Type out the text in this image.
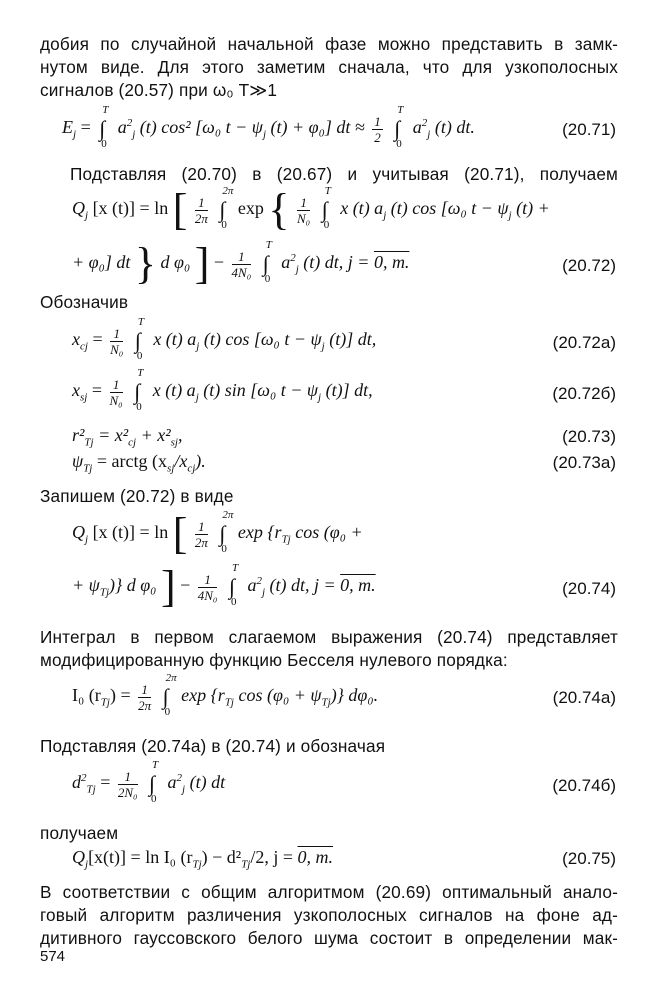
добия по случайной начальной фазе можно представить в замк-
нутом виде. Для этого заметим сначала, что для узкополосных
сигналов (20.57) при ω₀ T≫1
$E_j$ =
T
∫
0
$a^2_j$ (t) cos² [ω₀ $t - \psi_j$ (t) + φ₀] dt ≈ $\frac{1}{2}$

T
∫
0
$a^2_j$ (t) dt.	(20.71)
Подставляя (20.70) в (20.67) и учитывая (20.71), получаем
$Q_j$ [x (t)] = ln [ $\frac{1}{2\pi}$

2π
∫
0
exp { $\frac{1}{\text{N₀}}$

T
∫
0
x (t) $a_j$ (t) cos [ω₀ $t - \psi_j$ (t) +
+ φ₀] dt } d φ₀ ] − $\frac{1}{\text{4N₀}}$

T
∫
0
$a^2_j$ (t) dt, j = 0, m.	(20.72)
Обозначив
$x_{cj} = \frac{1}{\text{N₀}}$

T
∫
0
x (t) $a_j$ (t) cos [ω₀ $t - \psi_j$ (t)] dt,	(20.72а)
$x_{sj} = \frac{1}{\text{N₀}}$

T
∫
0
x (t) $a_j$ (t) sin [ω₀ $t - \psi_j$ (t)] dt,	(20.72б)
$r^2_{Tj} = x^2_{cj} + x^2_{sj}$,	(20.73)
$\psi_{Tj}$ = arctg $(x_{sj}/x_{cj})$.	(20.73а)
Запишем (20.72) в виде
$Q_j$ [x (t)] = ln [ $\frac{1}{2\pi}$

2π
∫
0
$\exp \{r_{Tj}$ cos (φ₀ +
+ $\psi_{Tj}$)} d φ₀ ] − $\frac{1}{\text{4N₀}}$

T
∫
0
$a^2_j$ (t) dt, j = 0, m.	(20.74)
Интеграл в первом слагаемом выражения (20.74) представляет
модифицированную функцию Бесселя нулевого порядка:
I₀ $(r_{Tj}) = \frac{1}{2\pi}$

2π
∫
0
$\exp \{r_{Tj}$ $\cos (\varphi_0 + \psi_{Tj})$} dφ₀.	(20.74а)
Подставляя (20.74а) в (20.74) и обозначая
$d^2_{Tj} = \frac{1}{\text{2N₀}}$

T
∫
0
$a^2_j$ (t) dt	(20.74б)
получаем
$Q_j[x(t)] = \ln I_0$ $(r_{Tj}) - d^2_{Tj}/2$, j = 0, m.	(20.75)
В соответствии с общим алгоритмом (20.69) оптимальный анало-
говый алгоритм различения узкополосных сигналов на фоне ад-
дитивного гауссовского белого шума состоит в определении мак-
574
